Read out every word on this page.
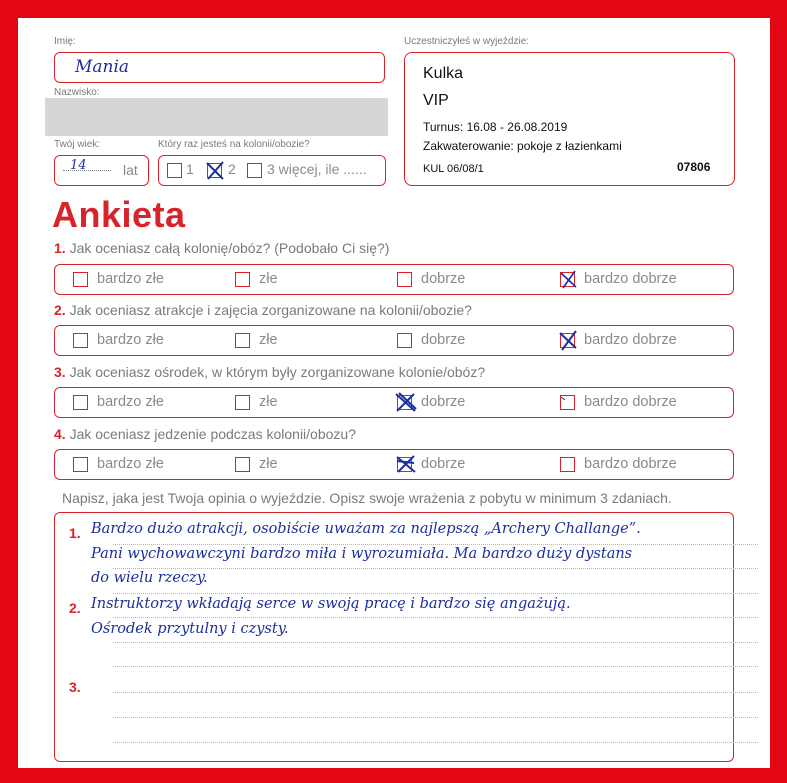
Imię:
Mania
Nazwisko:
Twój wiek:
14	lat
Który raz jesteś na kolonii/obozie?
1 2 3 więcej, ile ......
Uczestniczyłeś w wyjeździe:
Kulka
VIP
Turnus: 16.08 - 26.08.2019
Zakwaterowanie: pokoje z łazienkami
KUL 06/08/1	07806
Ankieta
1. Jak oceniasz całą kolonię/obóz? (Podobało Ci się?)
bardzo złe	złe	dobrze	bardzo dobrze
2. Jak oceniasz atrakcje i zajęcia zorganizowane na kolonii/obozie?
bardzo złe	złe	dobrze	bardzo dobrze
3. Jak oceniasz ośrodek, w którym były zorganizowane kolonie/obóz?
bardzo złe	złe	dobrze	bardzo dobrze
4. Jak oceniasz jedzenie podczas kolonii/obozu?
bardzo złe	złe	dobrze	bardzo dobrze
Napisz, jaka jest Twoja opinia o wyjeździe. Opisz swoje wrażenia z pobytu w minimum 3 zdaniach.
1. Bardzo dużo atrakcji, osobiście uważam za najlepszą „Archery Challange”.
Pani wychowawczyni bardzo miła i wyrozumiała. Ma bardzo duży dystans
do wielu rzeczy.
2. Instruktorzy wkładają serce w swoją pracę i bardzo się angażują.
Ośrodek przytulny i czysty.
3.
